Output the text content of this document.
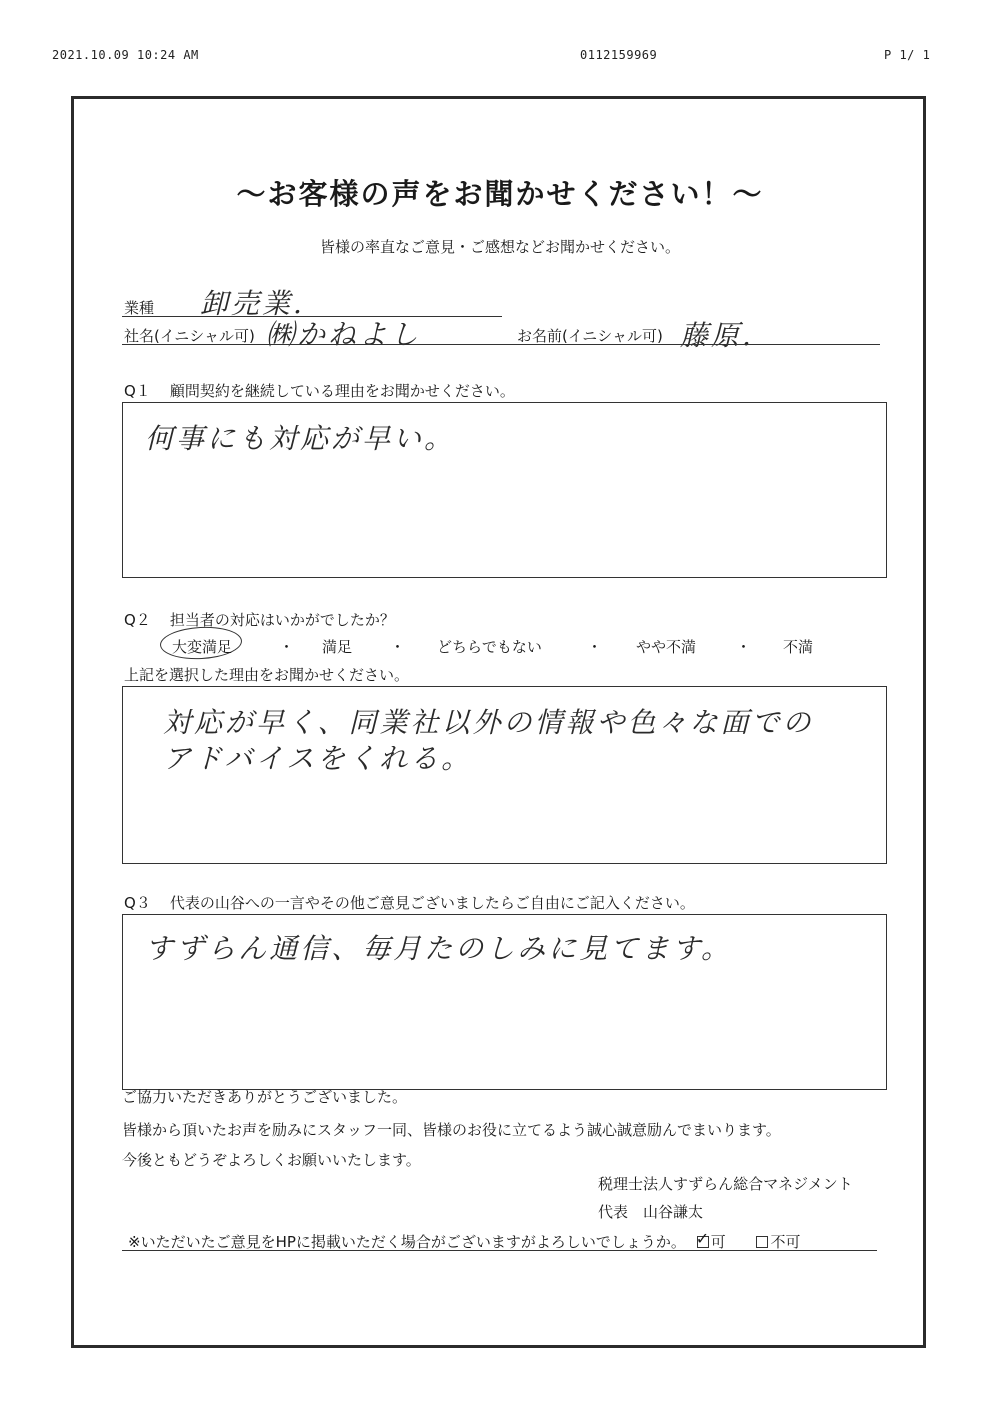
2021.10.09 10:24 AM	0112159969	P 1/ 1
～お客様の声をお聞かせください！～
皆様の率直なご意見・ご感想などお聞かせください。
業種 卸売業.
社名(イニシャル可) ㈱かねよし	お名前(イニシャル可) 藤原.
Q１ 顧問契約を継続している理由をお聞かせください。
何事にも対応が早い。
Q２ 担当者の対応はいかがでしたか？
大変満足	・ 満足	・ どちらでもない	・ やや不満	・ 不満
上記を選択した理由をお聞かせください。
対応が早く、同業社以外の情報や色々な面での
アドバイスをくれる。
Q３ 代表の山谷への一言やその他ご意見ございましたらご自由にご記入ください。
すずらん通信、毎月たのしみに見てます。
ご協力いただきありがとうございました。
皆様から頂いたお声を励みにスタッフ一同、皆様のお役に立てるよう誠心誠意励んでまいります。
今後ともどうぞよろしくお願いいたします。
税理士法人すずらん総合マネジメント
代表　山谷謙太
※いただいたご意見をHPに掲載いただく場合がございますがよろしいでしょうか。 ✓ 可	不可
